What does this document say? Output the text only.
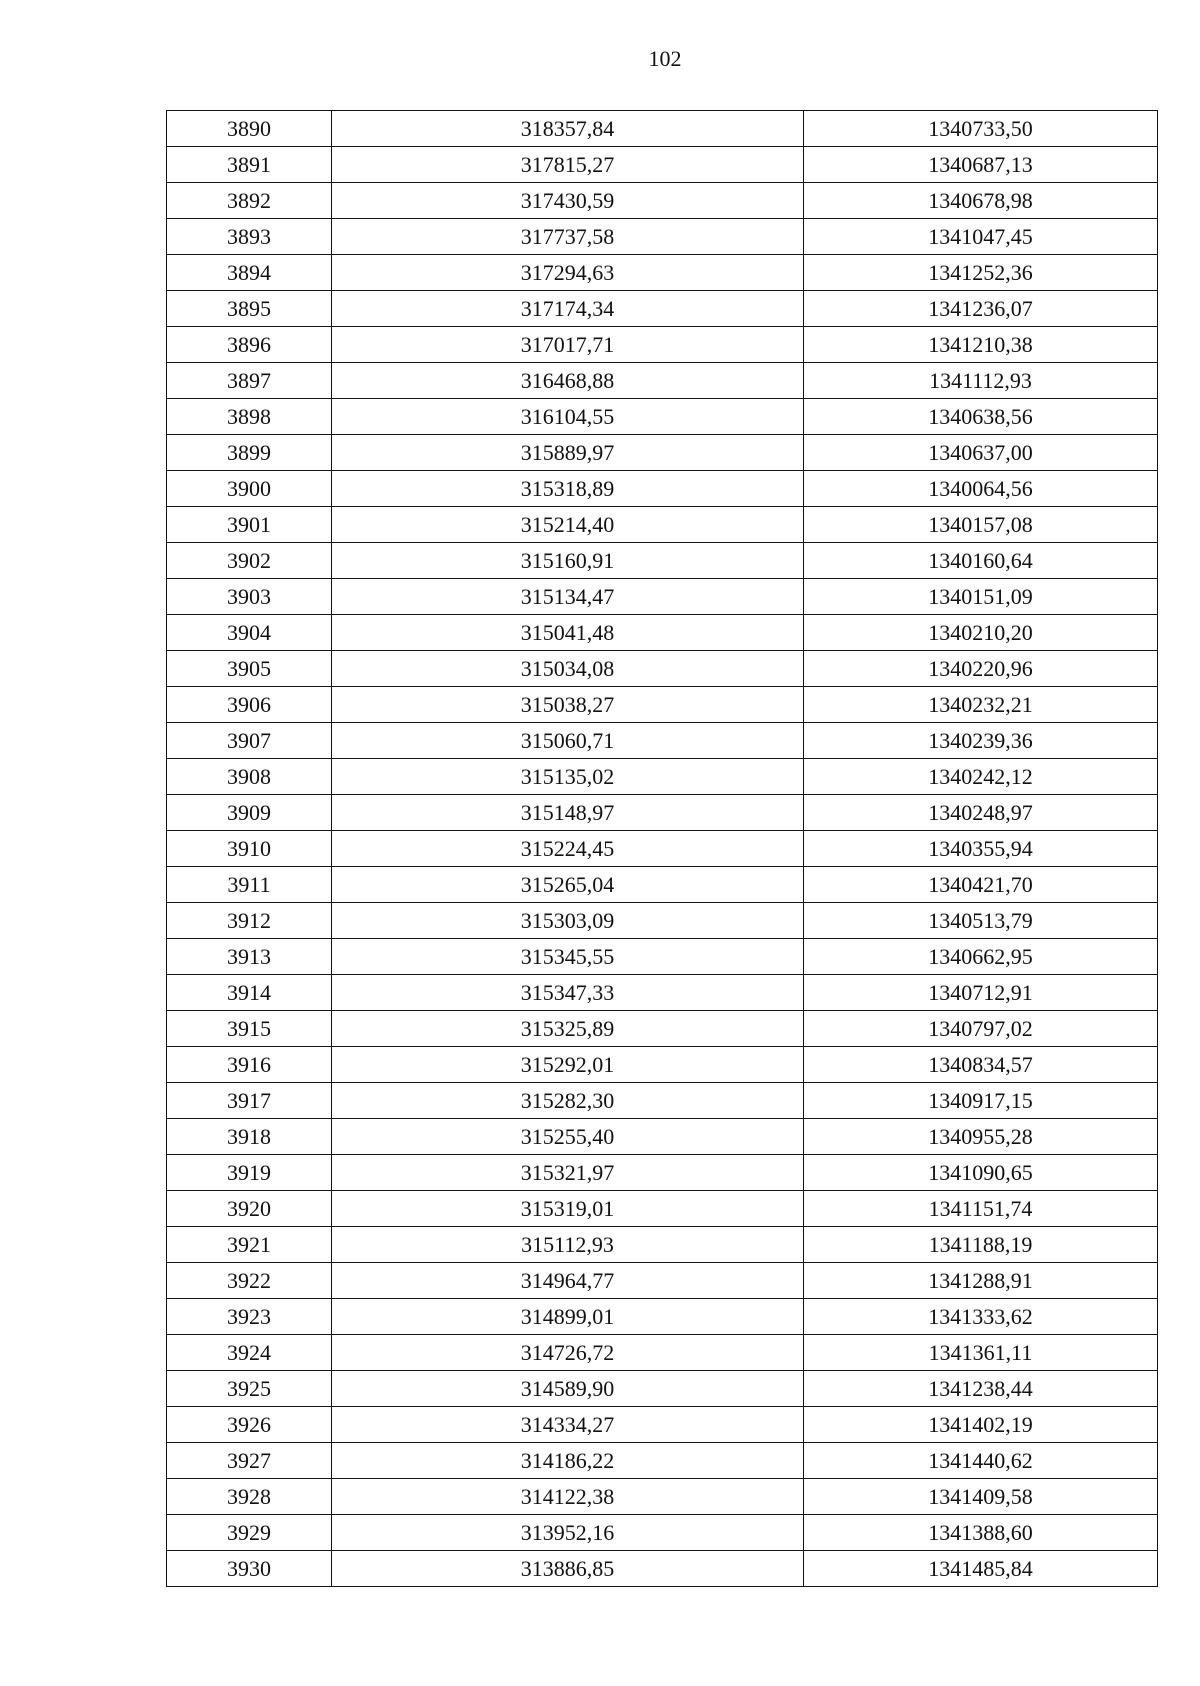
102
3890	318357,84	1340733,50
3891	317815,27	1340687,13
3892	317430,59	1340678,98
3893	317737,58	1341047,45
3894	317294,63	1341252,36
3895	317174,34	1341236,07
3896	317017,71	1341210,38
3897	316468,88	1341112,93
3898	316104,55	1340638,56
3899	315889,97	1340637,00
3900	315318,89	1340064,56
3901	315214,40	1340157,08
3902	315160,91	1340160,64
3903	315134,47	1340151,09
3904	315041,48	1340210,20
3905	315034,08	1340220,96
3906	315038,27	1340232,21
3907	315060,71	1340239,36
3908	315135,02	1340242,12
3909	315148,97	1340248,97
3910	315224,45	1340355,94
3911	315265,04	1340421,70
3912	315303,09	1340513,79
3913	315345,55	1340662,95
3914	315347,33	1340712,91
3915	315325,89	1340797,02
3916	315292,01	1340834,57
3917	315282,30	1340917,15
3918	315255,40	1340955,28
3919	315321,97	1341090,65
3920	315319,01	1341151,74
3921	315112,93	1341188,19
3922	314964,77	1341288,91
3923	314899,01	1341333,62
3924	314726,72	1341361,11
3925	314589,90	1341238,44
3926	314334,27	1341402,19
3927	314186,22	1341440,62
3928	314122,38	1341409,58
3929	313952,16	1341388,60
3930	313886,85	1341485,84
